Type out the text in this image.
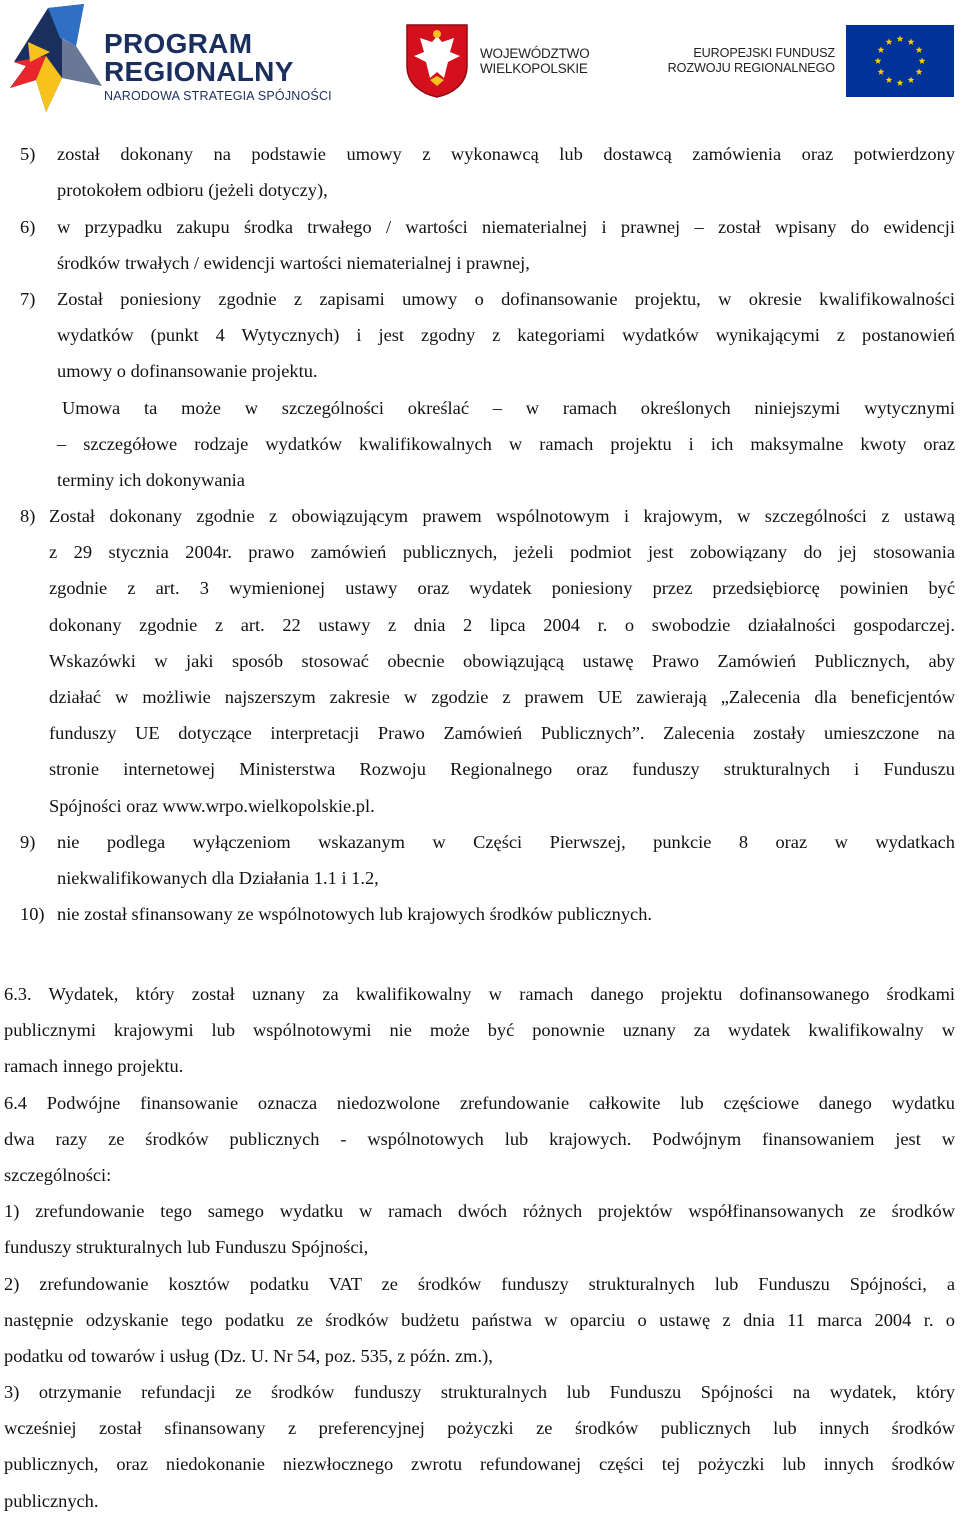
PROGRAM
REGIONALNY
NARODOWA STRATEGIA SPÓJNOŚCI
WOJEWÓDZTWO
WIELKOPOLSKIE
EUROPEJSKI FUNDUSZ
ROZWOJU REGIONALNEGO
5) został dokonany na podstawie umowy z wykonawcą lub dostawcą zamówienia oraz potwierdzony
protokołem odbioru (jeżeli dotyczy),
6) w przypadku zakupu środka trwałego / wartości niematerialnej i prawnej – został wpisany do ewidencji
środków trwałych / ewidencji wartości niematerialnej i prawnej,
7) Został poniesiony zgodnie z zapisami umowy o dofinansowanie projektu, w okresie kwalifikowalności
wydatków (punkt 4 Wytycznych) i jest zgodny z kategoriami wydatków wynikającymi z postanowień
umowy o dofinansowanie projektu.
Umowa ta może w szczególności określać – w ramach określonych niniejszymi wytycznymi
– szczegółowe rodzaje wydatków kwalifikowalnych w ramach projektu i ich maksymalne kwoty oraz
terminy ich dokonywania
8) Został dokonany zgodnie z obowiązującym prawem wspólnotowym i krajowym, w szczególności z ustawą
z 29 stycznia 2004r. prawo zamówień publicznych, jeżeli podmiot jest zobowiązany do jej stosowania
zgodnie z art. 3 wymienionej ustawy oraz wydatek poniesiony przez przedsiębiorcę powinien być
dokonany zgodnie z art. 22 ustawy z dnia 2 lipca 2004 r. o swobodzie działalności gospodarczej.
Wskazówki w jaki sposób stosować obecnie obowiązującą ustawę Prawo Zamówień Publicznych, aby
działać w możliwie najszerszym zakresie w zgodzie z prawem UE zawierają „Zalecenia dla beneficjentów
funduszy UE dotyczące interpretacji Prawo Zamówień Publicznych”. Zalecenia zostały umieszczone na
stronie internetowej Ministerstwa Rozwoju Regionalnego oraz funduszy strukturalnych i Funduszu
Spójności oraz www.wrpo.wielkopolskie.pl.
9) nie podlega wyłączeniom wskazanym w Części Pierwszej, punkcie 8 oraz w wydatkach
niekwalifikowanych dla Działania 1.1 i 1.2,
10) nie został sfinansowany ze wspólnotowych lub krajowych środków publicznych.
6.3. Wydatek, który został uznany za kwalifikowalny w ramach danego projektu dofinansowanego środkami
publicznymi krajowymi lub wspólnotowymi nie może być ponownie uznany za wydatek kwalifikowalny w
ramach innego projektu.
6.4 Podwójne finansowanie oznacza niedozwolone zrefundowanie całkowite lub częściowe danego wydatku
dwa razy ze środków publicznych - wspólnotowych lub krajowych. Podwójnym finansowaniem jest w
szczególności:
1) zrefundowanie tego samego wydatku w ramach dwóch różnych projektów współfinansowanych ze środków
funduszy strukturalnych lub Funduszu Spójności,
2) zrefundowanie kosztów podatku VAT ze środków funduszy strukturalnych lub Funduszu Spójności, a
następnie odzyskanie tego podatku ze środków budżetu państwa w oparciu o ustawę z dnia 11 marca 2004 r. o
podatku od towarów i usług (Dz. U. Nr 54, poz. 535, z późn. zm.),
3) otrzymanie refundacji ze środków funduszy strukturalnych lub Funduszu Spójności na wydatek, który
wcześniej został sfinansowany z preferencyjnej pożyczki ze środków publicznych lub innych środków
publicznych, oraz niedokonanie niezwłocznego zwrotu refundowanej części tej pożyczki lub innych środków
publicznych.
